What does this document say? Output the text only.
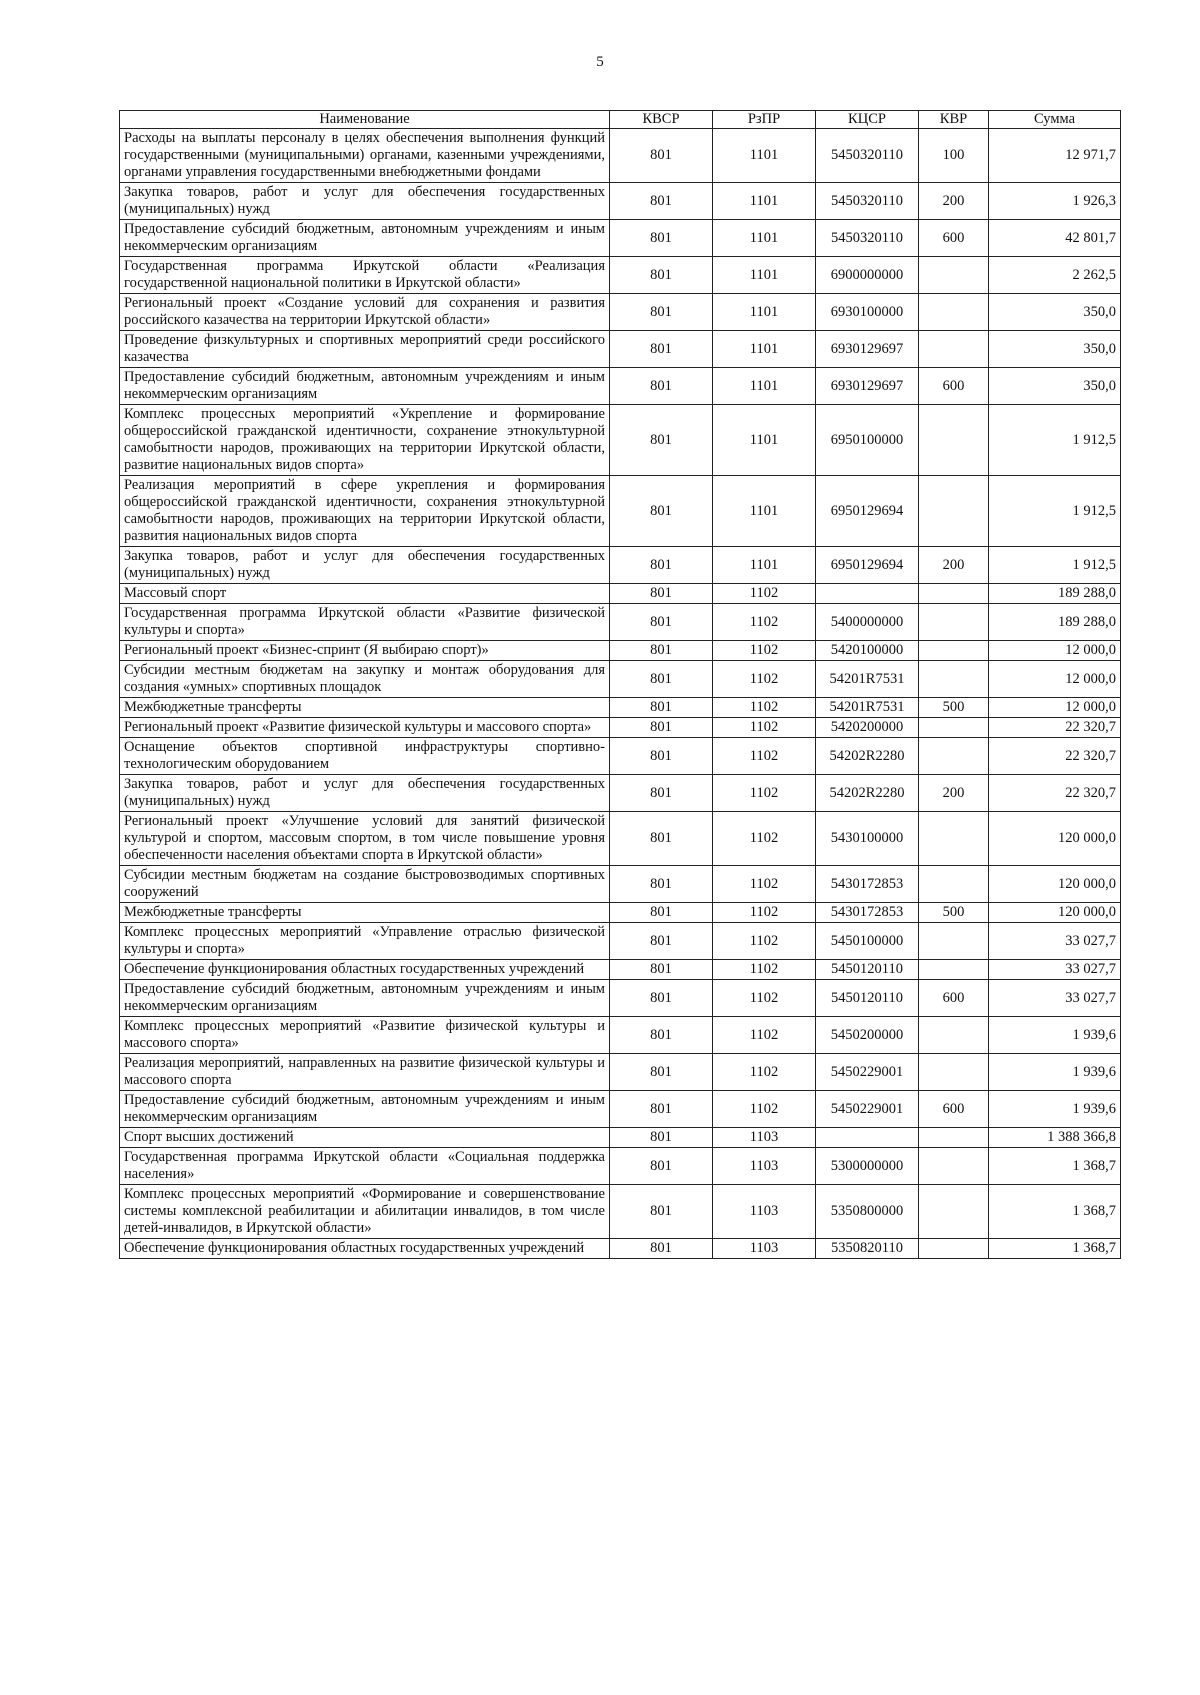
5
Наименование	КВСР	РзПР	КЦСР	КВР	Сумма
Расходы на выплаты персоналу в целях обеспечения выполнения функций государственными (муниципальными) органами, казенными учреждениями, органами управления государственными внебюджетными фондами	801	1101	5450320110	100	12 971,7
Закупка товаров, работ и услуг для обеспечения государственных (муниципальных) нужд	801	1101	5450320110	200	1 926,3
Предоставление субсидий бюджетным, автономным учреждениям и иным некоммерческим организациям	801	1101	5450320110	600	42 801,7
Государственная программа Иркутской области «Реализация государственной национальной политики в Иркутской области»	801	1101	6900000000		2 262,5
Региональный проект «Создание условий для сохранения и развития российского казачества на территории Иркутской области»	801	1101	6930100000		350,0
Проведение физкультурных и спортивных мероприятий среди российского казачества	801	1101	6930129697		350,0
Предоставление субсидий бюджетным, автономным учреждениям и иным некоммерческим организациям	801	1101	6930129697	600	350,0
Комплекс процессных мероприятий «Укрепление и формирование общероссийской гражданской идентичности, сохранение этнокультурной самобытности народов, проживающих на территории Иркутской области, развитие национальных видов спорта»	801	1101	6950100000		1 912,5
Реализация мероприятий в сфере укрепления и формирования общероссийской гражданской идентичности, сохранения этнокультурной самобытности народов, проживающих на территории Иркутской области, развития национальных видов спорта	801	1101	6950129694		1 912,5
Закупка товаров, работ и услуг для обеспечения государственных (муниципальных) нужд	801	1101	6950129694	200	1 912,5
Массовый спорт	801	1102			189 288,0
Государственная программа Иркутской области «Развитие физической культуры и спорта»	801	1102	5400000000		189 288,0
Региональный проект «Бизнес-спринт (Я выбираю спорт)»	801	1102	5420100000		12 000,0
Субсидии местным бюджетам на закупку и монтаж оборудования для создания «умных» спортивных площадок	801	1102	54201R7531		12 000,0
Межбюджетные трансферты	801	1102	54201R7531	500	12 000,0
Региональный проект «Развитие физической культуры и массового спорта»	801	1102	5420200000		22 320,7
Оснащение объектов спортивной инфраструктуры спортивно-технологическим оборудованием	801	1102	54202R2280		22 320,7
Закупка товаров, работ и услуг для обеспечения государственных (муниципальных) нужд	801	1102	54202R2280	200	22 320,7
Региональный проект «Улучшение условий для занятий физической культурой и спортом, массовым спортом, в том числе повышение уровня обеспеченности населения объектами спорта в Иркутской области»	801	1102	5430100000		120 000,0
Субсидии местным бюджетам на создание быстровозводимых спортивных сооружений	801	1102	5430172853		120 000,0
Межбюджетные трансферты	801	1102	5430172853	500	120 000,0
Комплекс процессных мероприятий «Управление отраслью физической культуры и спорта»	801	1102	5450100000		33 027,7
Обеспечение функционирования областных государственных учреждений	801	1102	5450120110		33 027,7
Предоставление субсидий бюджетным, автономным учреждениям и иным некоммерческим организациям	801	1102	5450120110	600	33 027,7
Комплекс процессных мероприятий «Развитие физической культуры и массового спорта»	801	1102	5450200000		1 939,6
Реализация мероприятий, направленных на развитие физической культуры и массового спорта	801	1102	5450229001		1 939,6
Предоставление субсидий бюджетным, автономным учреждениям и иным некоммерческим организациям	801	1102	5450229001	600	1 939,6
Спорт высших достижений	801	1103			1 388 366,8
Государственная программа Иркутской области «Социальная поддержка населения»	801	1103	5300000000		1 368,7
Комплекс процессных мероприятий «Формирование и совершенствование системы комплексной реабилитации и абилитации инвалидов, в том числе детей-инвалидов, в Иркутской области»	801	1103	5350800000		1 368,7
Обеспечение функционирования областных государственных учреждений	801	1103	5350820110		1 368,7
